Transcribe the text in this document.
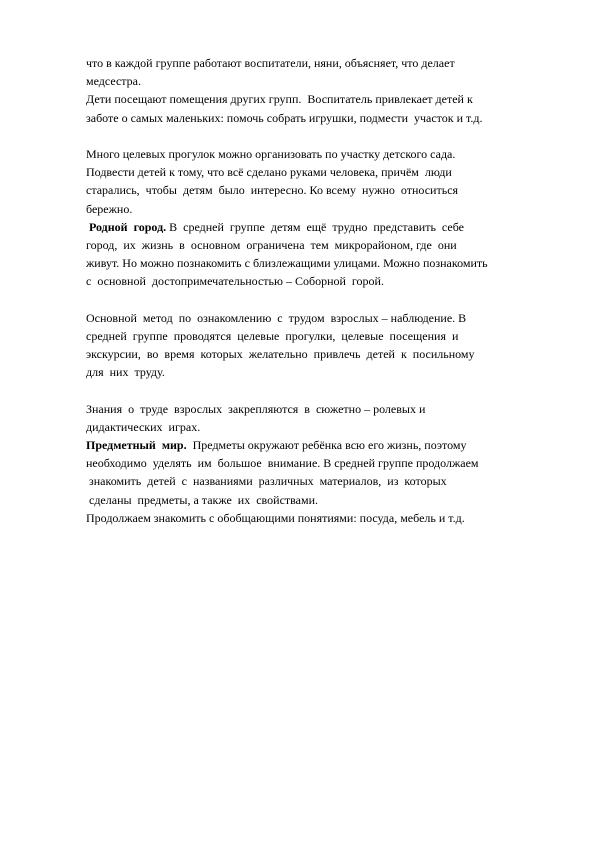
что в каждой группе работают воспитатели, няни, объясняет, что делает
медсестра.
Дети посещают помещения других групп.  Воспитатель привлекает детей к
заботе о самых маленьких: помочь собрать игрушки, подмести  участок и т.д.
Много целевых прогулок можно организовать по участку детского сада.
Подвести детей к тому, что всё сделано руками человека, причём  люди
старались,  чтобы  детям  было  интересно. Ко всему  нужно  относиться
бережно.
Родной  город. В  средней  группе  детям  ещё  трудно  представить  себе
город,  их  жизнь  в  основном  ограничена  тем  микрорайоном, где  они
живут. Но можно познакомить с близлежащими улицами. Можно познакомить
с  основной  достопримечательностью – Соборной  горой.
Основной  метод  по  ознакомлению  с  трудом  взрослых – наблюдение. В
средней  группе  проводятся  целевые  прогулки,  целевые  посещения  и
экскурсии,  во  время  которых  желательно  привлечь  детей  к  посильному
для  них  труду.
Знания  о  труде  взрослых  закрепляются  в  сюжетно – ролевых и
дидактических  играх.
Предметный  мир.  Предметы окружают ребёнка всю его жизнь, поэтому
необходимо  уделять  им  большое  внимание. В средней группе продолжаем
знакомить  детей  с  названиями  различных  материалов,  из  которых
сделаны  предметы, а также  их  свойствами.
Продолжаем знакомить с обобщающими понятиями: посуда, мебель и т.д.
